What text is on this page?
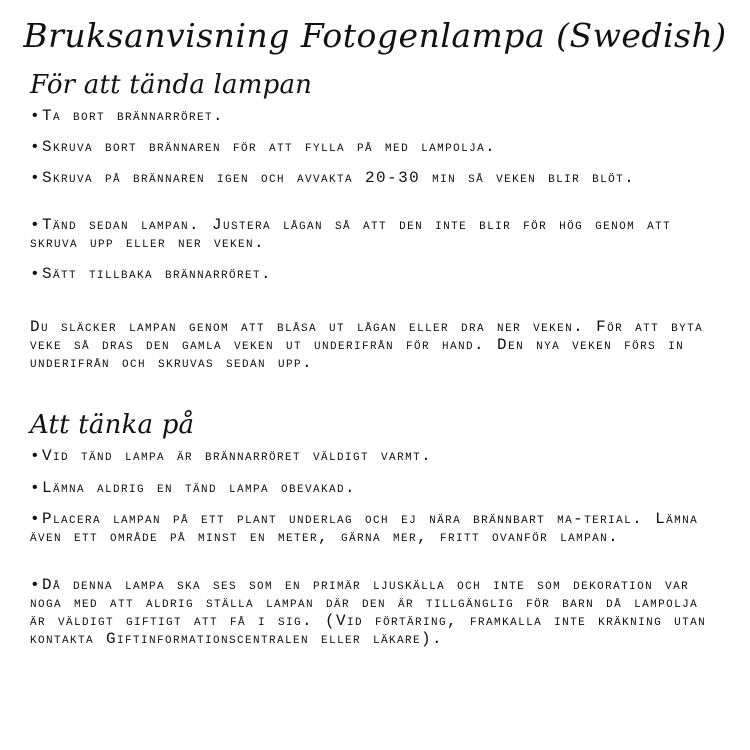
Bruksanvisning Fotogenlampa (Swedish)
För att tända lampan

• Ta bort brännarröret.

• Skruva bort brännaren för att fylla på med lampolja.

• Skruva på brännaren igen och avvakta 20-30 min så veken blir blöt.

• Tänd sedan lampan. Justera lågan så att den inte blir för hög genom att skruva upp eller ner veken.

• Sätt tillbaka brännarröret.

Du släcker lampan genom att blåsa ut lågan eller dra ner veken. För att byta veke så dras den gamla veken ut underifrån för hand. Den nya veken förs in underifrån och skruvas sedan upp.

Att tänka på

• Vid tänd lampa är brännarröret väldigt varmt.

• Lämna aldrig en tänd lampa obevakad.

• Placera lampan på ett plant underlag och ej nära brännbart ma-terial. Lämna även ett område på minst en meter, gärna mer, fritt ovanför lampan.

• Då denna lampa ska ses som en primär ljuskälla och inte som dekoration var noga med att aldrig ställa lampan där den är tillgänglig för barn då lampolja är väldigt giftigt att få i sig. (Vid förtäring, framkalla inte kräkning utan kontakta Giftinformationscentralen eller läkare).
